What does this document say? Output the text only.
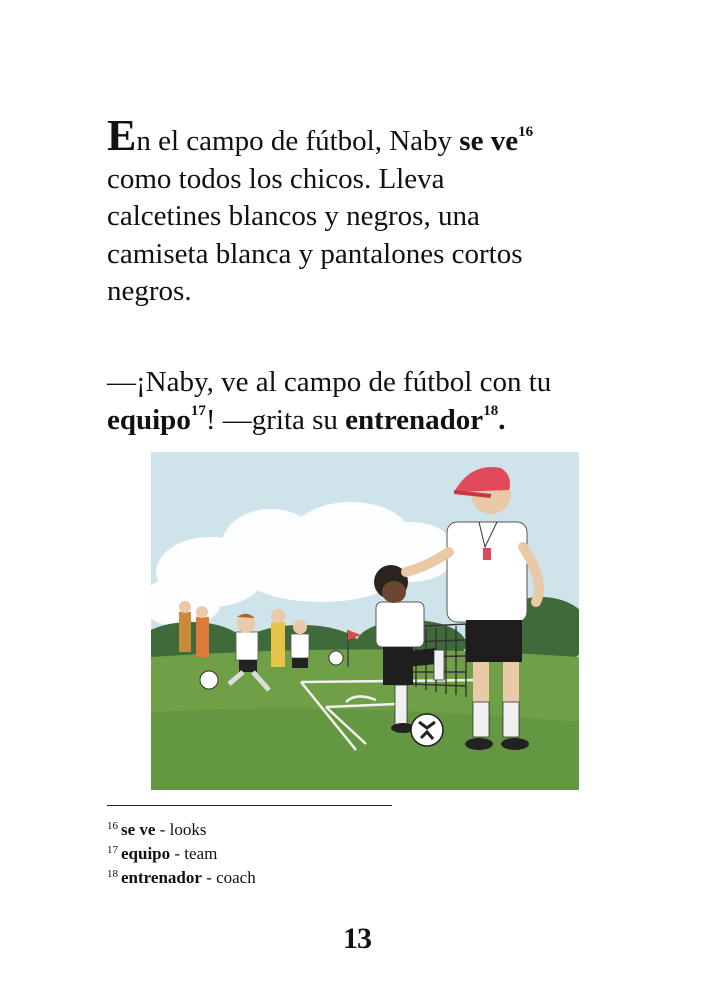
En el campo de fútbol, Naby se ve$^{16}$
como todos los chicos. Lleva
calcetines blancos y negros, una
camiseta blanca y pantalones cortos
negros.

—¡Naby, ve al campo de fútbol con tu
equipo$^{17}$! —grita su entrenador$^{18}$.

$^{16}$ se ve - looks
$^{17}$ equipo - team
$^{18}$ entrenador - coach
13
